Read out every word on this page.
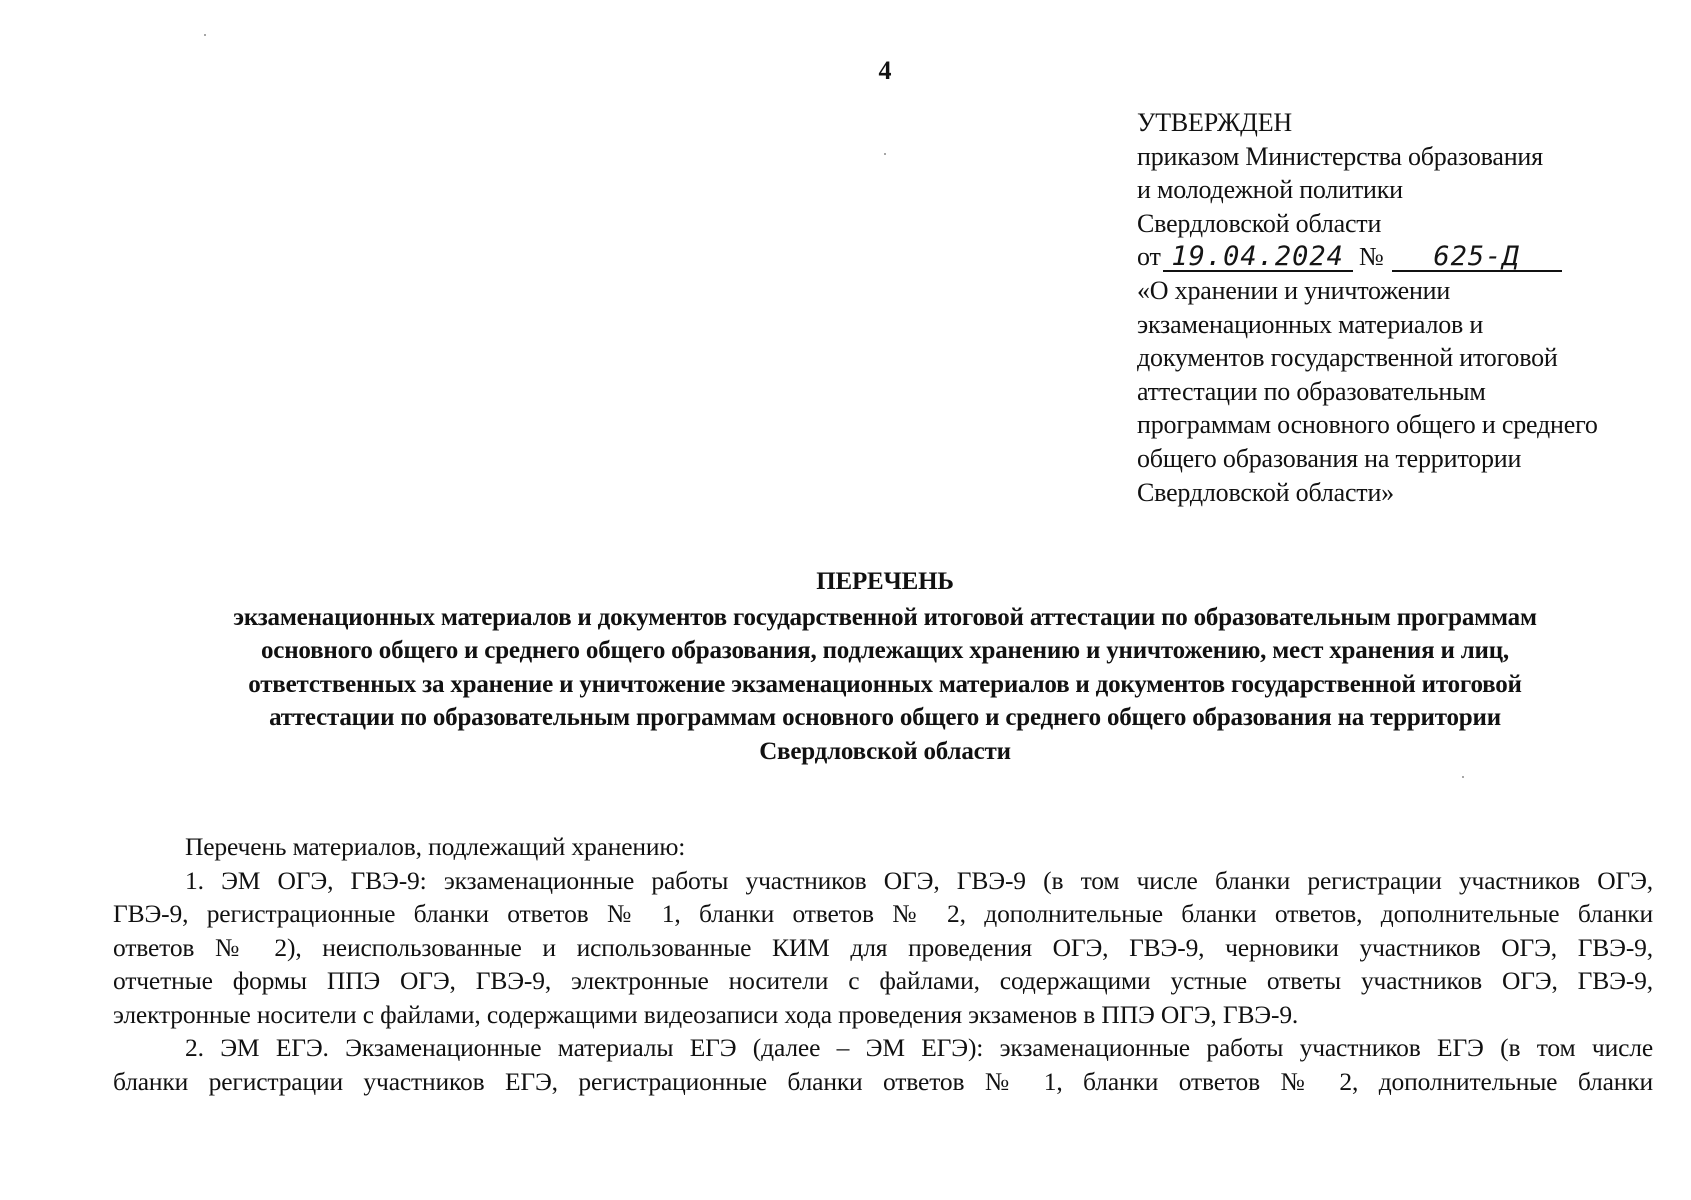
4
УТВЕРЖДЕН
приказом Министерства образования
и молодежной политики
Свердловской области
от 19.04.2024 № 625-Д
«О хранении и уничтожении
экзаменационных материалов и
документов государственной итоговой
аттестации по образовательным
программам основного общего и среднего
общего образования на территории
Свердловской области»
ПЕРЕЧЕНЬ
экзаменационных материалов и документов государственной итоговой аттестации по образовательным программам
основного общего и среднего общего образования, подлежащих хранению и уничтожению, мест хранения и лиц,
ответственных за хранение и уничтожение экзаменационных материалов и документов государственной итоговой
аттестации по образовательным программам основного общего и среднего общего образования на территории
Свердловской области
Перечень материалов, подлежащий хранению:
1. ЭМ ОГЭ, ГВЭ-9: экзаменационные работы участников ОГЭ, ГВЭ-9 (в том числе бланки регистрации участников ОГЭ,
ГВЭ-9, регистрационные бланки ответов № 1, бланки ответов № 2, дополнительные бланки ответов, дополнительные бланки
ответов № 2), неиспользованные и использованные КИМ для проведения ОГЭ, ГВЭ-9, черновики участников ОГЭ, ГВЭ-9,
отчетные формы ППЭ ОГЭ, ГВЭ-9, электронные носители с файлами, содержащими устные ответы участников ОГЭ, ГВЭ-9,
электронные носители с файлами, содержащими видеозаписи хода проведения экзаменов в ППЭ ОГЭ, ГВЭ-9.
2. ЭМ ЕГЭ. Экзаменационные материалы ЕГЭ (далее – ЭМ ЕГЭ): экзаменационные работы участников ЕГЭ (в том числе
бланки регистрации участников ЕГЭ, регистрационные бланки ответов № 1, бланки ответов № 2, дополнительные бланки
